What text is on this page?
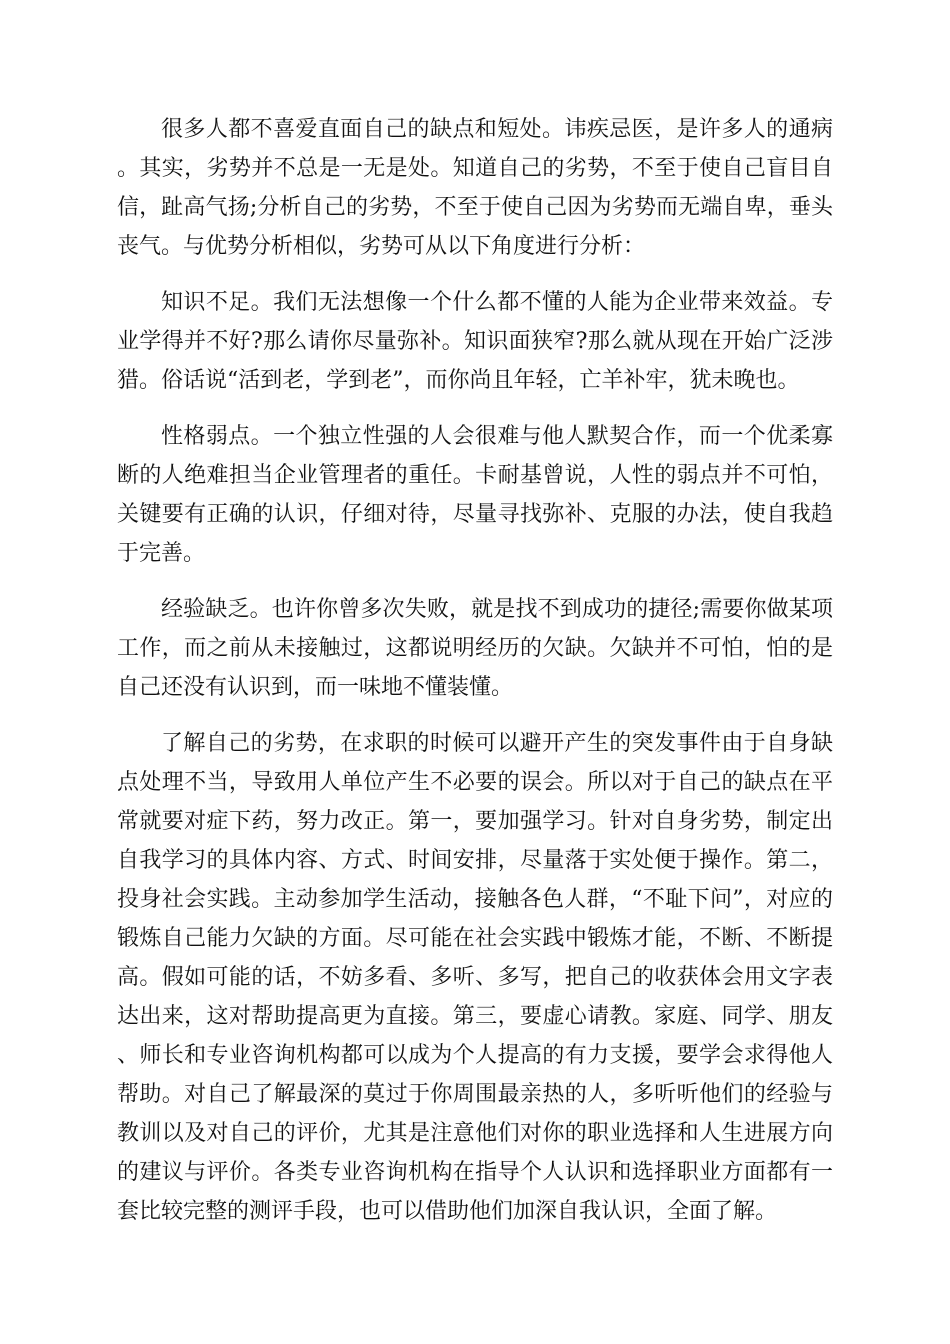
很多人都不喜爱直面自己的缺点和短处。讳疾忌医，是许多人的通病。其实，劣势并不总是一无是处。知道自己的劣势，不至于使自己盲目自信，趾高气扬;分析自己的劣势，不至于使自己因为劣势而无端自卑，垂头丧气。与优势分析相似，劣势可从以下角度进行分析：

知识不足。我们无法想像一个什么都不懂的人能为企业带来效益。专业学得并不好?那么请你尽量弥补。知识面狭窄?那么就从现在开始广泛涉猎。俗话说“活到老，学到老”，而你尚且年轻，亡羊补牢，犹未晚也。

性格弱点。一个独立性强的人会很难与他人默契合作，而一个优柔寡断的人绝难担当企业管理者的重任。卡耐基曾说，人性的弱点并不可怕，关键要有正确的认识，仔细对待，尽量寻找弥补、克服的办法，使自我趋于完善。

经验缺乏。也许你曾多次失败，就是找不到成功的捷径;需要你做某项工作，而之前从未接触过，这都说明经历的欠缺。欠缺并不可怕，怕的是自己还没有认识到，而一味地不懂装懂。

了解自己的劣势，在求职的时候可以避开产生的突发事件由于自身缺点处理不当，导致用人单位产生不必要的误会。所以对于自己的缺点在平常就要对症下药，努力改正。第一，要加强学习。针对自身劣势，制定出自我学习的具体内容、方式、时间安排，尽量落于实处便于操作。第二，投身社会实践。主动参加学生活动，接触各色人群，“不耻下问”，对应的锻炼自己能力欠缺的方面。尽可能在社会实践中锻炼才能，不断、不断提高。假如可能的话，不妨多看、多听、多写，把自己的收获体会用文字表达出来，这对帮助提高更为直接。第三，要虚心请教。家庭、同学、朋友、师长和专业咨询机构都可以成为个人提高的有力支援，要学会求得他人帮助。对自己了解最深的莫过于你周围最亲热的人，多听听他们的经验与教训以及对自己的评价，尤其是注意他们对你的职业选择和人生进展方向的建议与评价。各类专业咨询机构在指导个人认识和选择职业方面都有一套比较完整的测评手段，也可以借助他们加深自我认识，全面了解。
